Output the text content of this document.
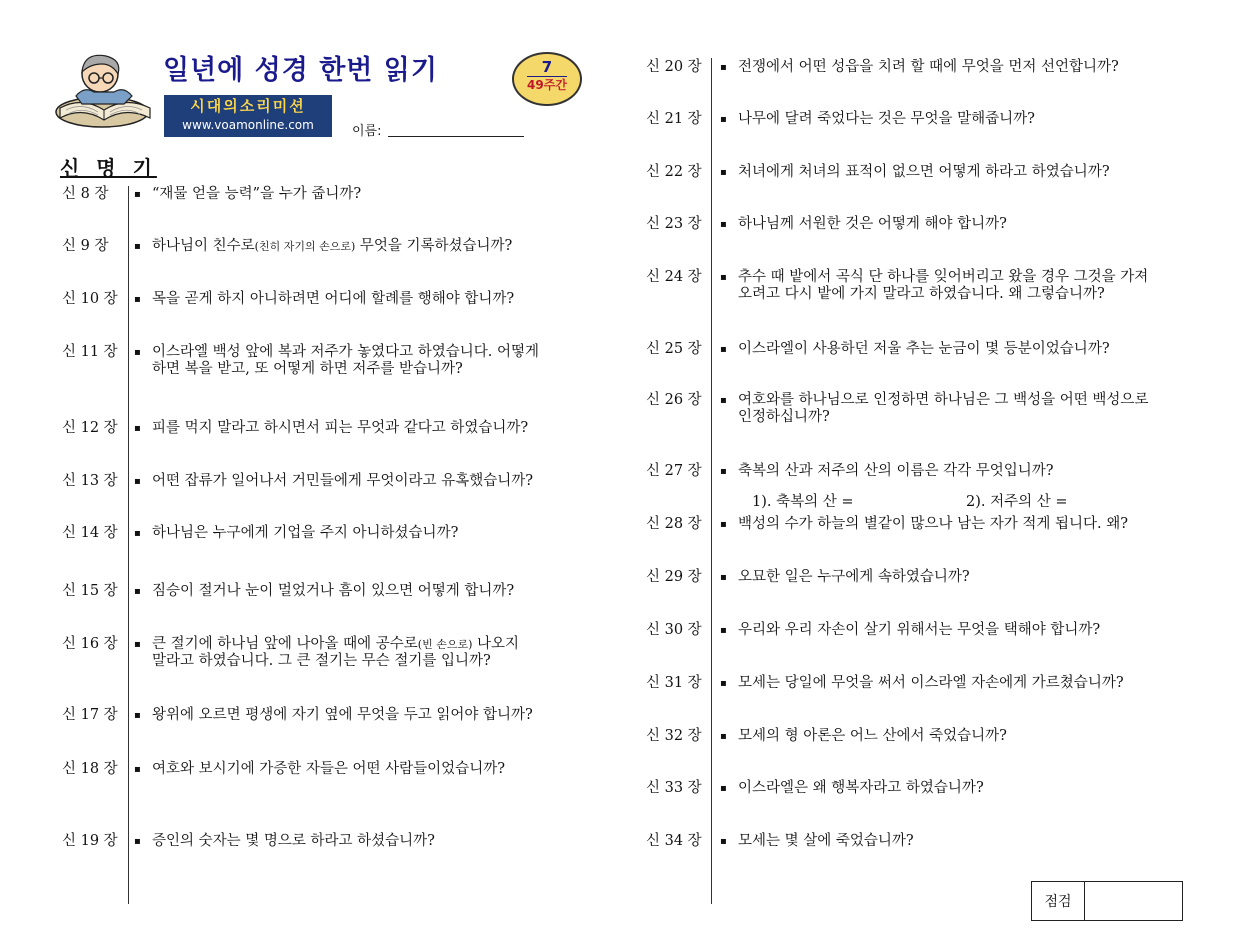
일년에 성경 한번 읽기	7
49주간
시대의소리미션
www.voamonline.com	이름:
신 명 기
신 8 장	▪ “재물 얻을 능력”을 누가 줍니까?
신 9 장	▪ 하나님이 친수로(친히 자기의 손으로) 무엇을 기록하셨습니까?
신 10 장 ▪ 목을 곧게 하지 아니하려면 어디에 할례를 행해야 합니까?
신 11 장 ▪ 이스라엘 백성 앞에 복과 저주가 놓였다고 하였습니다. 어떻게
하면 복을 받고, 또 어떻게 하면 저주를 받습니까?
신 12 장 ▪ 피를 먹지 말라고 하시면서 피는 무엇과 같다고 하였습니까?
신 13 장 ▪ 어떤 잡류가 일어나서 거민들에게 무엇이라고 유혹했습니까?
신 14 장 ▪ 하나님은 누구에게 기업을 주지 아니하셨습니까?
신 15 장 ▪ 짐승이 절거나 눈이 멀었거나 흠이 있으면 어떻게 합니까?
신 16 장 ▪ 큰 절기에 하나님 앞에 나아올 때에 공수로(빈 손으로) 나오지
말라고 하였습니다. 그 큰 절기는 무슨 절기를 입니까?
신 17 장 ▪ 왕위에 오르면 평생에 자기 옆에 무엇을 두고 읽어야 합니까?
신 18 장 ▪ 여호와 보시기에 가증한 자들은 어떤 사람들이었습니까?
신 19 장 ▪ 증인의 숫자는 몇 명으로 하라고 하셨습니까?
신 20 장 ▪ 전쟁에서 어떤 성읍을 치려 할 때에 무엇을 먼저 선언합니까?
신 21 장 ▪ 나무에 달려 죽었다는 것은 무엇을 말해줍니까?
신 22 장 ▪ 처녀에게 처녀의 표적이 없으면 어떻게 하라고 하였습니까?
신 23 장 ▪ 하나님께 서원한 것은 어떻게 해야 합니까?
신 24 장 ▪ 추수 때 밭에서 곡식 단 하나를 잊어버리고 왔을 경우 그것을 가져
오려고 다시 밭에 가지 말라고 하였습니다. 왜 그렇습니까?
신 25 장 ▪ 이스라엘이 사용하던 저울 추는 눈금이 몇 등분이었습니까?
신 26 장 ▪ 여호와를 하나님으로 인정하면 하나님은 그 백성을 어떤 백성으로
인정하십니까?
신 27 장 ▪ 축복의 산과 저주의 산의 이름은 각각 무엇입니까?
신 28 장 ▪ 백성의 수가 하늘의 별같이 많으나 남는 자가 적게 됩니다. 왜?
신 29 장 ▪ 오묘한 일은 누구에게 속하였습니까?
신 30 장 ▪ 우리와 우리 자손이 살기 위해서는 무엇을 택해야 합니까?
신 31 장 ▪ 모세는 당일에 무엇을 써서 이스라엘 자손에게 가르쳤습니까?
신 32 장 ▪ 모세의 형 아론은 어느 산에서 죽었습니까?
신 33 장 ▪ 이스라엘은 왜 행복자라고 하였습니까?
신 34 장 ▪ 모세는 몇 살에 죽었습니까?
1). 축복의 산 =	2). 저주의 산 =
점검
